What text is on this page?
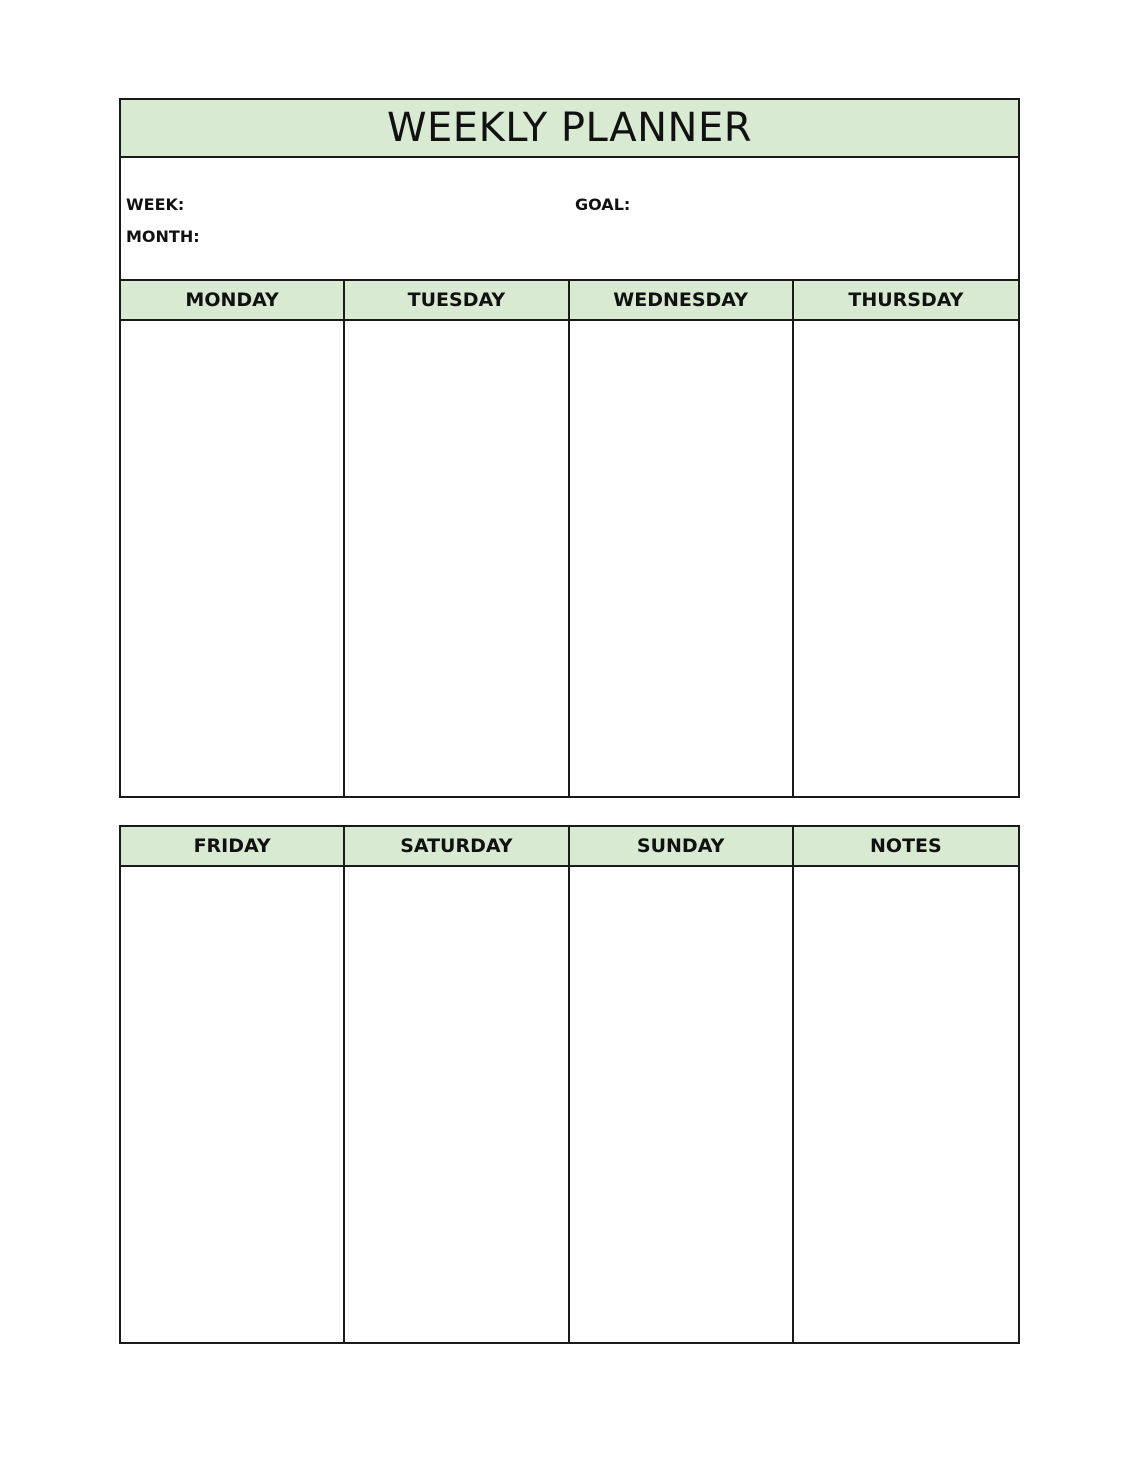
WEEKLY PLANNER
WEEK:
MONTH:
GOAL:
MONDAY	TUESDAY	WEDNESDAY	THURSDAY
FRIDAY	SATURDAY	SUNDAY	NOTES
